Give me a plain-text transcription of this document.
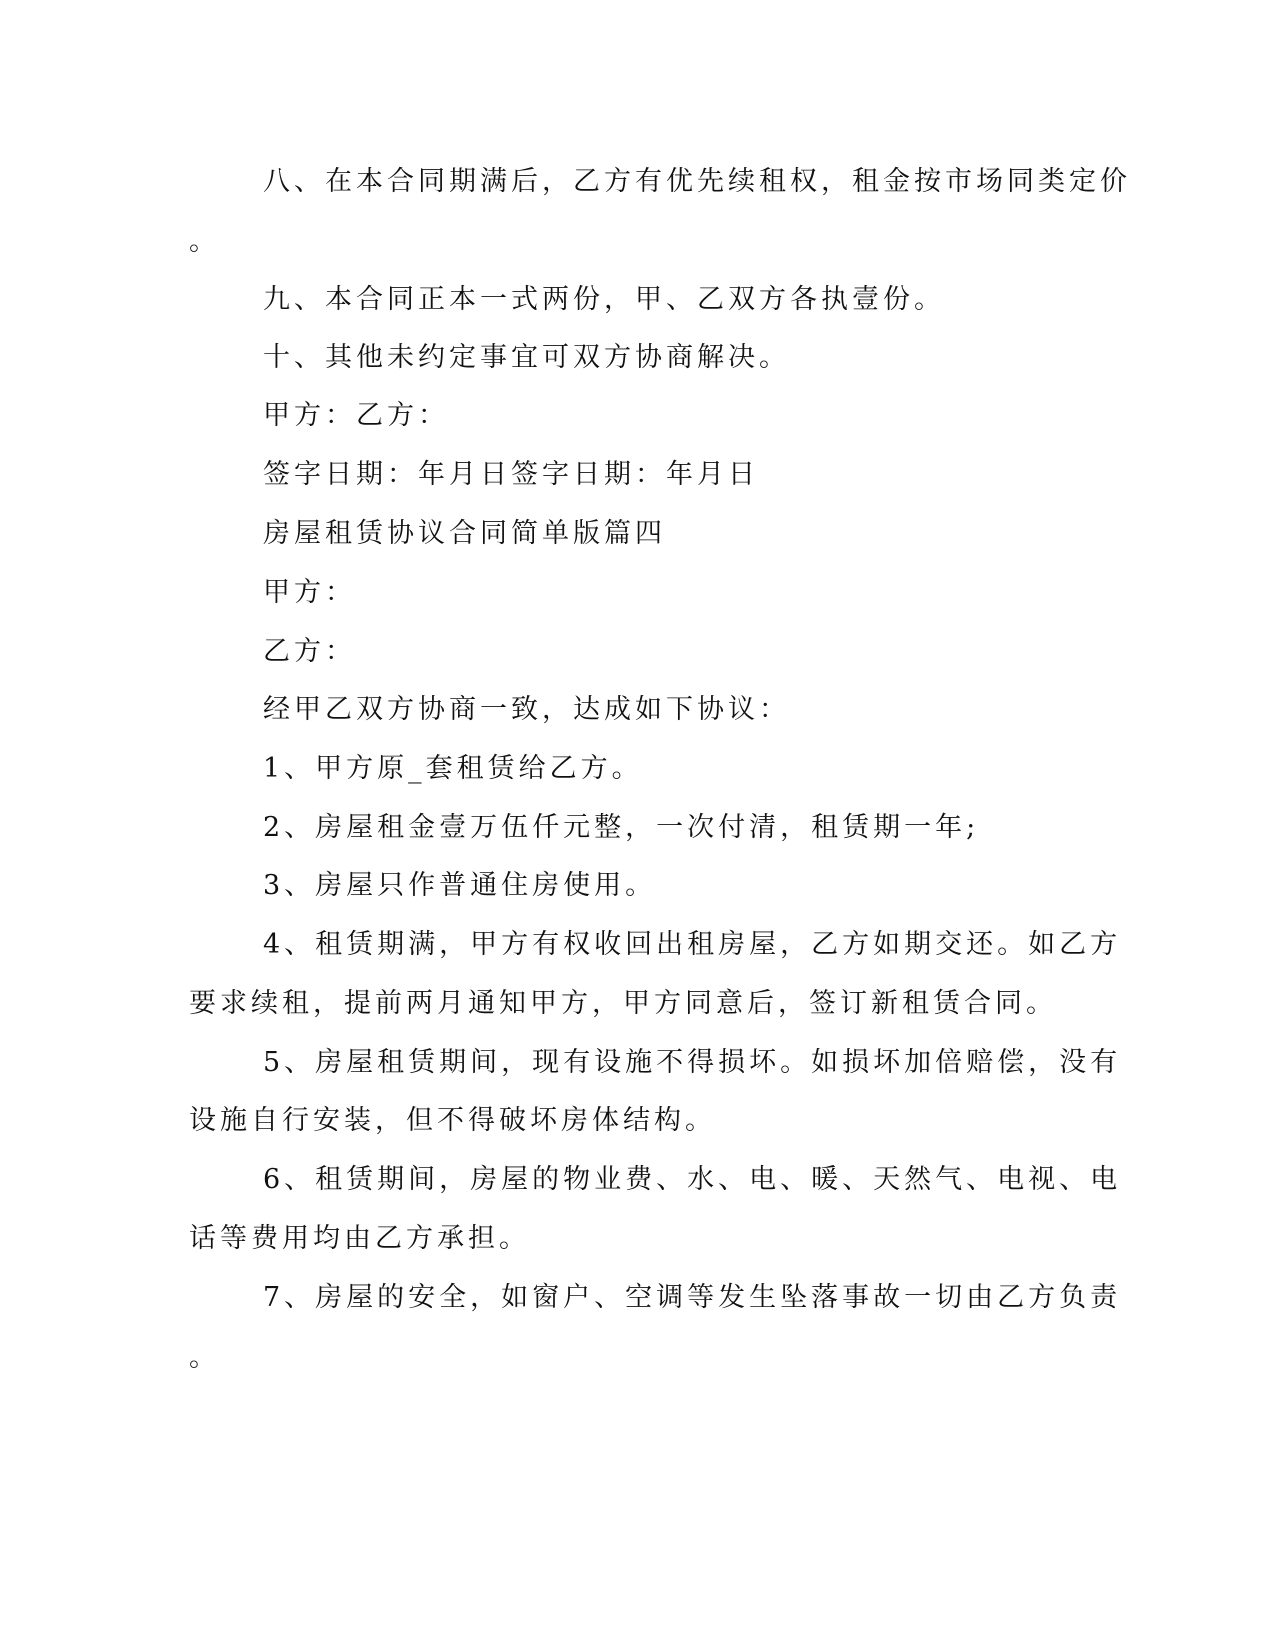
八、在本合同期满后，乙方有优先续租权，租金按市场同类定价
。
九、本合同正本一式两份，甲、乙双方各执壹份。
十、其他未约定事宜可双方协商解决。
甲方：乙方：
签字日期：年月日签字日期：年月日
房屋租赁协议合同简单版篇四
甲方：
乙方：
经甲乙双方协商一致，达成如下协议：
1、甲方原_套租赁给乙方。
2、房屋租金壹万伍仟元整，一次付清，租赁期一年;
3、房屋只作普通住房使用。
4、租赁期满，甲方有权收回出租房屋，乙方如期交还。如乙方
要求续租，提前两月通知甲方，甲方同意后，签订新租赁合同。
5、房屋租赁期间，现有设施不得损坏。如损坏加倍赔偿，没有
设施自行安装，但不得破坏房体结构。
6、租赁期间，房屋的物业费、水、电、暖、天然气、电视、电
话等费用均由乙方承担。
7、房屋的安全，如窗户、空调等发生坠落事故一切由乙方负责
。
